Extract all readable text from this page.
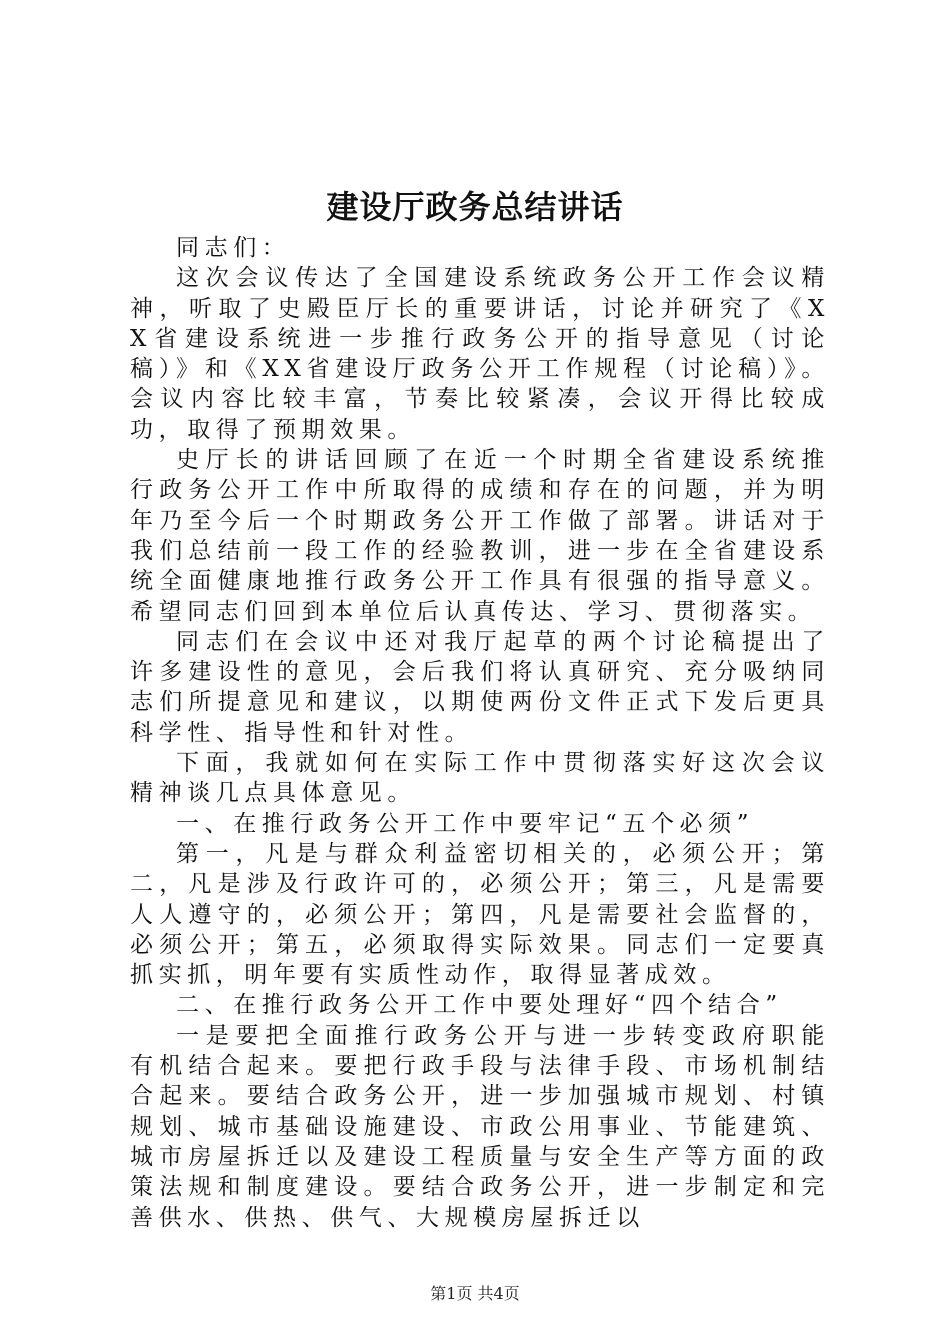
建设厅政务总结讲话

同志们：

这次会议传达了全国建设系统政务公开工作会议精神，听取了史殿臣厅长的重要讲话，讨论并研究了《XX省建设系统进一步推行政务公开的指导意见（讨论稿）》和《XX省建设厅政务公开工作规程（讨论稿）》。会议内容比较丰富，节奏比较紧凑，会议开得比较成功，取得了预期效果。

史厅长的讲话回顾了在近一个时期全省建设系统推行政务公开工作中所取得的成绩和存在的问题，并为明年乃至今后一个时期政务公开工作做了部署。讲话对于我们总结前一段工作的经验教训，进一步在全省建设系统全面健康地推行政务公开工作具有很强的指导意义。希望同志们回到本单位后认真传达、学习、贯彻落实。

同志们在会议中还对我厅起草的两个讨论稿提出了许多建设性的意见，会后我们将认真研究、充分吸纳同志们所提意见和建议，以期使两份文件正式下发后更具科学性、指导性和针对性。

下面，我就如何在实际工作中贯彻落实好这次会议精神谈几点具体意见。

一、在推行政务公开工作中要牢记“五个必须”

第一，凡是与群众利益密切相关的，必须公开；第二，凡是涉及行政许可的，必须公开；第三，凡是需要人人遵守的，必须公开；第四，凡是需要社会监督的，必须公开；第五，必须取得实际效果。同志们一定要真抓实抓，明年要有实质性动作，取得显著成效。

二、在推行政务公开工作中要处理好“四个结合”

一是要把全面推行政务公开与进一步转变政府职能有机结合起来。要把行政手段与法律手段、市场机制结合起来。要结合政务公开，进一步加强城市规划、村镇规划、城市基础设施建设、市政公用事业、节能建筑、城市房屋拆迁以及建设工程质量与安全生产等方面的政策法规和制度建设。要结合政务公开，进一步制定和完善供水、供热、供气、大规模房屋拆迁以

第1页 共4页
